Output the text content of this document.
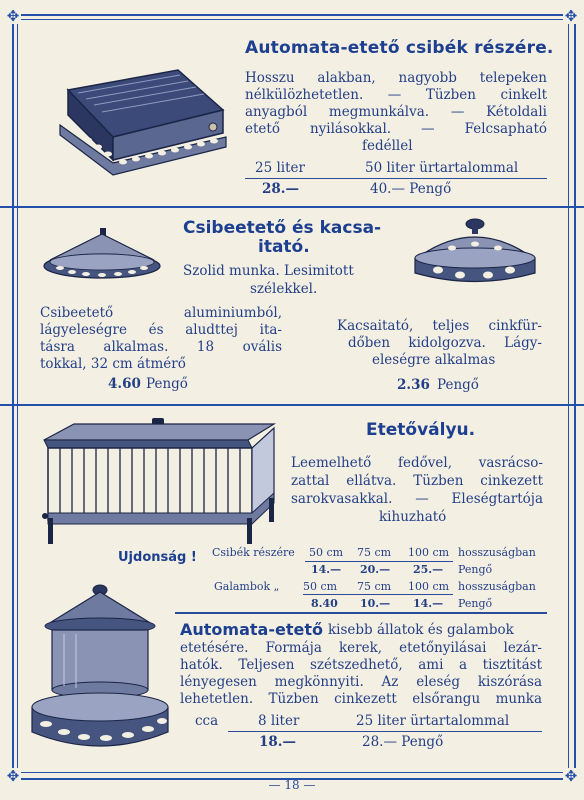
✥	✥
✥	✥
Automata-etető csibék részére.
Hosszu alakban, nagyobb telepeken
nélkülözhetetlen. — Tüzben cinkelt
anyagból megmunkálva. — Kétoldali
etető nyilásokkal. — Felcsapható
fedéllel
25 liter	50 liter ürtartalommal
28.—	40.— Pengő
Csibeetető és kacsa-
itató.
Szolid munka. Lesimitott
szélekkel.
Csibeetető aluminiumból,
lágyeleségre és aludttej ita-
tásra alkalmas. 18 ovális
tokkal, 32 cm átmérő
4.60 Pengő
Kacsaitató, teljes cinkfür-
dőben kidolgozva. Lágy-
eleségre alkalmas
2.36 Pengő
Etetővályu.
Leemelhető fedővel, vasrácso-
zattal ellátva. Tüzben cinkezett
sarokvasakkal. — Eleségtartója
kihuzható
Ujdonság ! Csibék részére 50 cm 75 cm 100 cm hosszuságban
14.— 20.— 25.— Pengő
Galambok „ 50 cm 75 cm 100 cm hosszuságban
8.40 10.— 14.— Pengő
Automata-etető kisebb állatok és galambok
etetésére. Formája kerek, etetőnyilásai lezár-
hatók. Teljesen szétszedhető, ami a tisztitást
lényegesen megkönnyiti. Az eleség kiszórása
lehetetlen. Tüzben cinkezett elsőrangu munka
cca	8 liter	25 liter ürtartalommal
18.—	28.— Pengő
— 18 —
